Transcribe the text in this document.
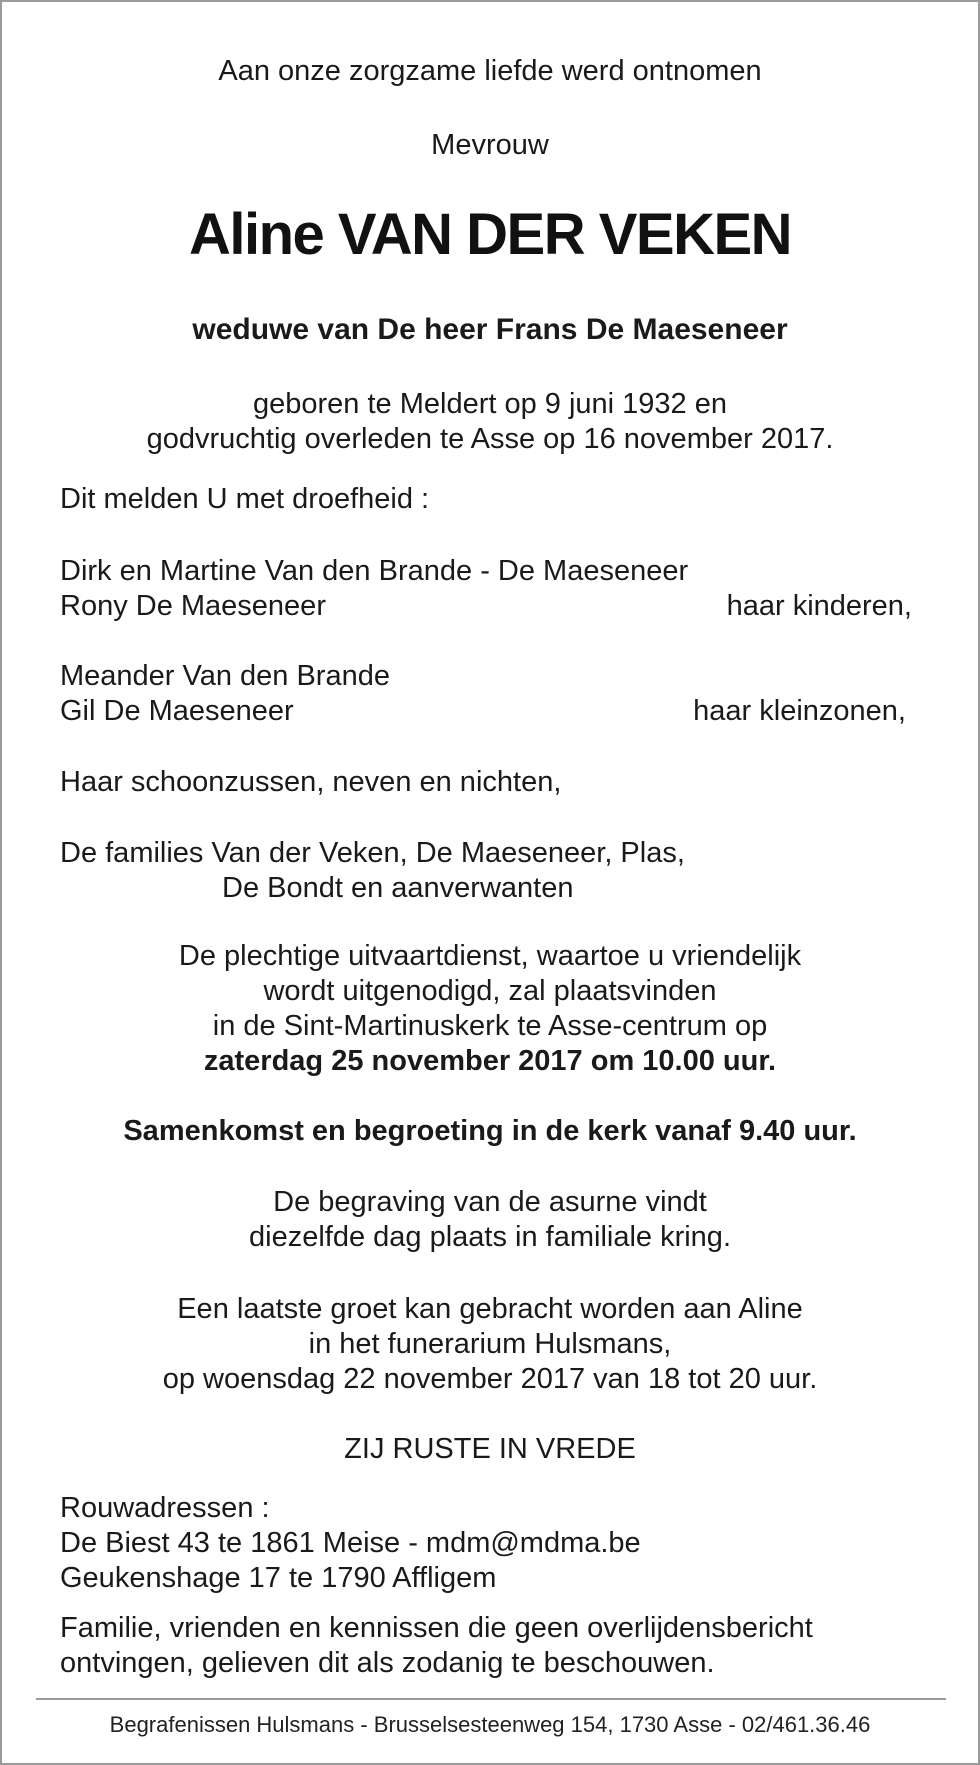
Aan onze zorgzame liefde werd ontnomen
Mevrouw
Aline VAN DER VEKEN
weduwe van De heer Frans De Maeseneer
geboren te Meldert op 9 juni 1932 en
godvruchtig overleden te Asse op 16 november 2017.
Dit melden U met droefheid :
Dirk en Martine Van den Brande - De Maeseneer
Rony De Maeseneer	haar kinderen,
Meander Van den Brande
Gil De Maeseneer	haar kleinzonen,
Haar schoonzussen, neven en nichten,
De families Van der Veken, De Maeseneer, Plas,
De Bondt en aanverwanten
De plechtige uitvaartdienst, waartoe u vriendelijk
wordt uitgenodigd, zal plaatsvinden
in de Sint-Martinuskerk te Asse-centrum op
zaterdag 25 november 2017 om 10.00 uur.
Samenkomst en begroeting in de kerk vanaf 9.40 uur.
De begraving van de asurne vindt
diezelfde dag plaats in familiale kring.
Een laatste groet kan gebracht worden aan Aline
in het funerarium Hulsmans,
op woensdag 22 november 2017 van 18 tot 20 uur.
ZIJ RUSTE IN VREDE
Rouwadressen :
De Biest 43 te 1861 Meise - mdm@mdma.be
Geukenshage 17 te 1790 Affligem
Familie, vrienden en kennissen die geen overlijdensbericht
ontvingen, gelieven dit als zodanig te beschouwen.
Begrafenissen Hulsmans - Brusselsesteenweg 154, 1730 Asse - 02/461.36.46
